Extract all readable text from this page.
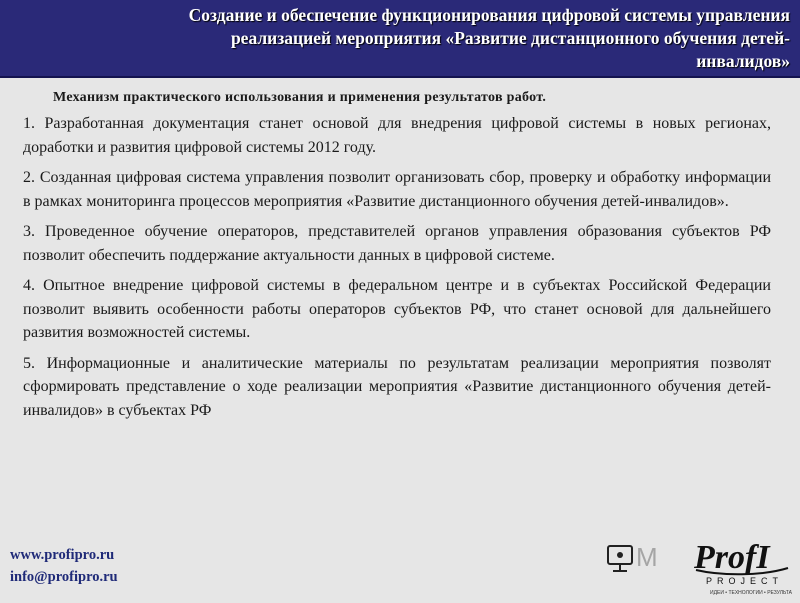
Создание и обеспечение функционирования цифровой системы управления реализацией мероприятия «Развитие дистанционного обучения детей-инвалидов»

Механизм практического использования и применения результатов работ.

1. Разработанная документация станет основой для внедрения цифровой системы в новых регионах, доработки и развития цифровой системы 2012 году.

2. Созданная цифровая система управления позволит организовать сбор, проверку и обработку информации в рамках мониторинга процессов мероприятия «Развитие дистанционного обучения детей-инвалидов».

3. Проведенное обучение операторов, представителей органов управления образования субъектов РФ позволит обеспечить поддержание актуальности данных в цифровой системе.

4. Опытное внедрение цифровой системы в федеральном центре и в субъектах Российской Федерации позволит выявить особенности работы операторов субъектов РФ, что станет основой для дальнейшего развития возможностей системы.

5. Информационные и аналитические материалы по результатам реализации мероприятия позволят сформировать представление о ходе реализации мероприятия «Развитие дистанционного обучения детей-инвалидов» в субъектах РФ

www.profipro.ru
info@profipro.ru
M ProfI
PROJECT
ИДЕИ • ТЕХНОЛОГИИ • РЕЗУЛЬТАТЫ
